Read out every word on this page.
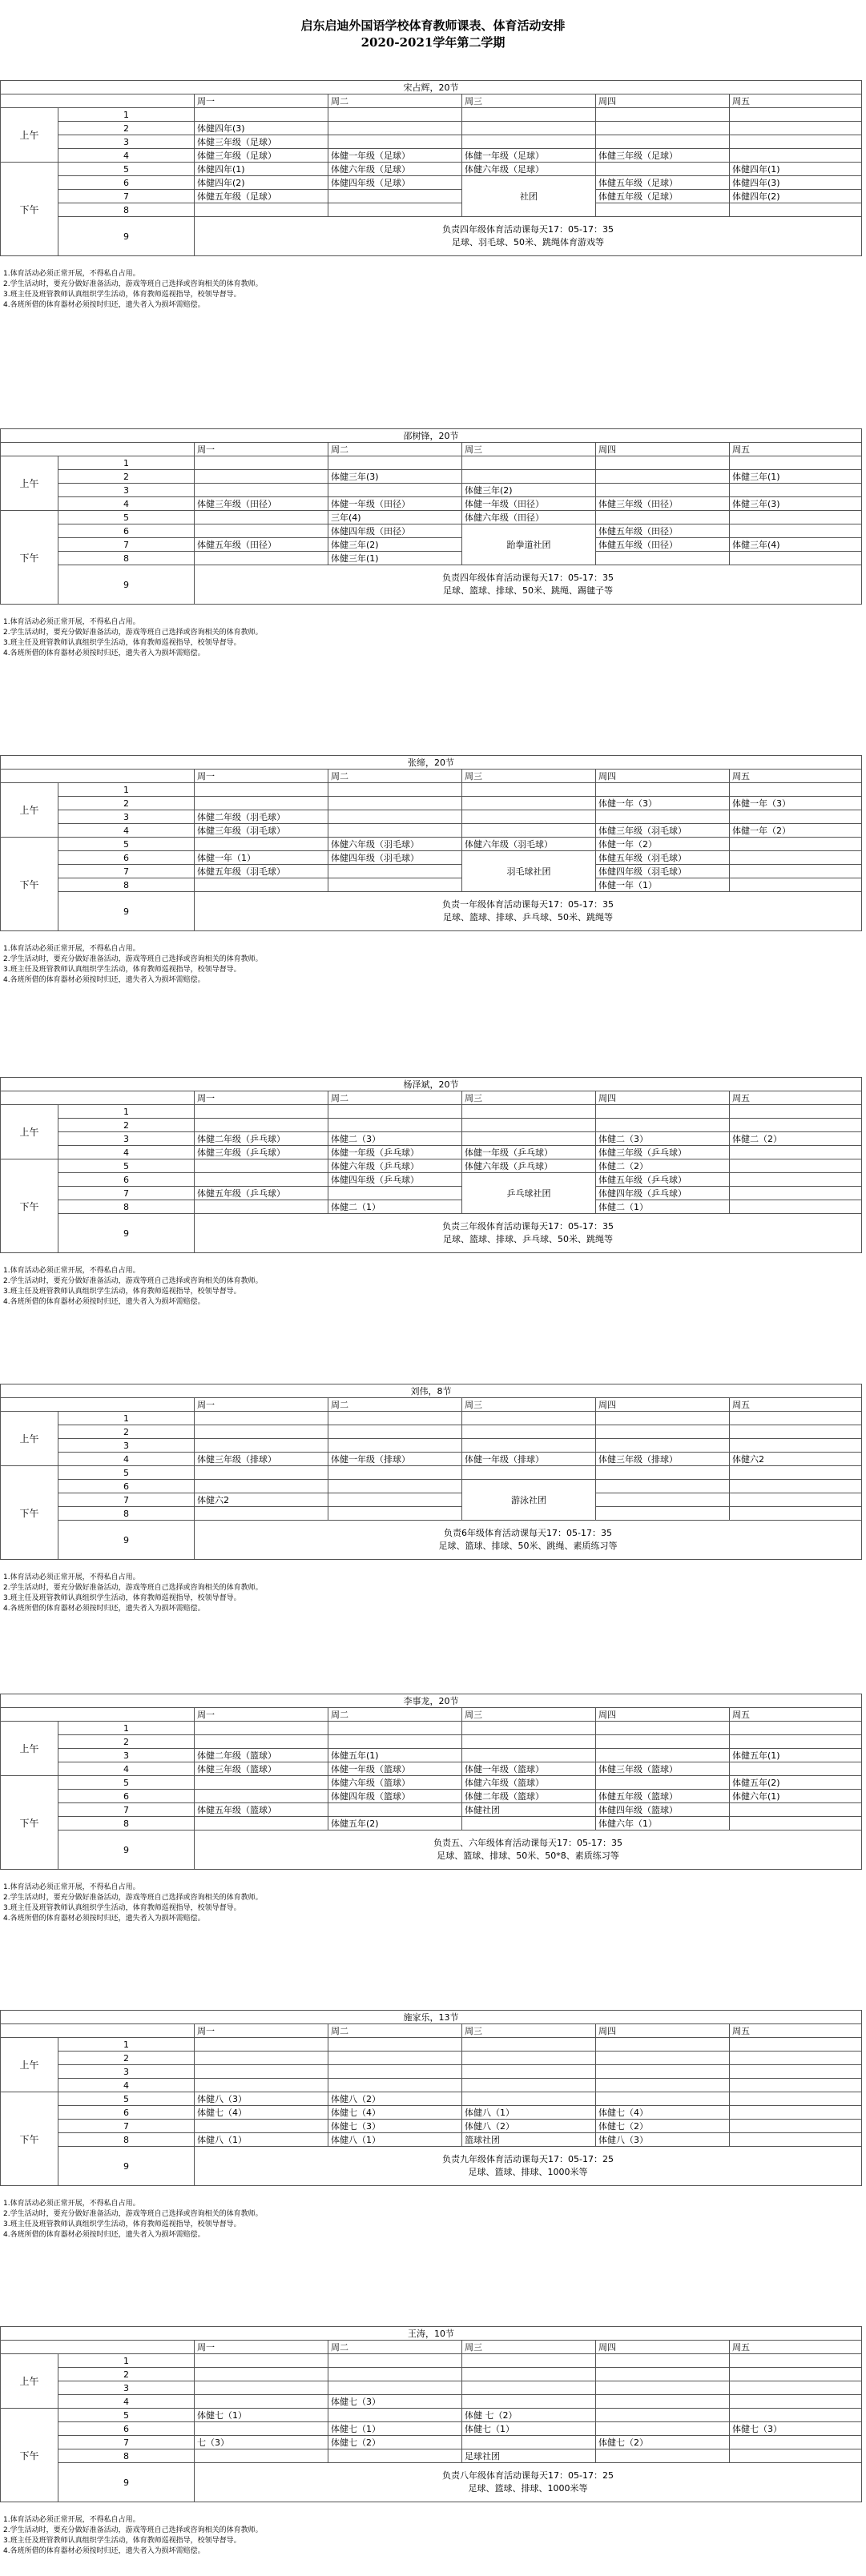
启东启迪外国语学校体育教师课表、体育活动安排
2020-2021学年第二学期
宋占辉，20节						
		周一	周二	周三	周四	周五
上午	1					
	2	体健四年(3)				
	3	体健三年级（足球）				
	4	体健三年级（足球）	体健一年级（足球）	体健一年级（足球）	体健三年级（足球）	
下午	5	体健四年(1)	体健六年级（足球）	体健六年级（足球）		体健四年(1)
	6	体健四年(2)	体健四年级（足球）	社团	体健五年级（足球）	体健四年(3)
	7	体健五年级（足球）			体健五年级（足球）	体健四年(2)
	8					
	9	负责四年级体育活动课每天17：05-17：35
足球、羽毛球、50米、跳绳体育游戏等				
1.体育活动必须正常开展，不得私自占用。
2.学生活动时，要充分做好准备活动，游戏等班自己选择或咨询相关的体育教师。
3.班主任及班管教师认真组织学生活动，体育教师巡视指导，校领导督导。
4.各班所借的体育器材必须按时归还，遗失者入为损坏需赔偿。
邵树锋，20节						
		周一	周二	周三	周四	周五
上午	1					
	2		体健三年(3)			体健三年(1)
	3			体健三年(2)		
	4	体健三年级（田径）	体健一年级（田径）	体健一年级（田径）	体健三年级（田径）	体健三年(3)
下午	5		三年(4)	体健六年级（田径）		
	6		体健四年级（田径）	跆拳道社团	体健五年级（田径）	
	7	体健五年级（田径）	体健三年(2)		体健五年级（田径）	体健三年(4)
	8		体健三年(1)			
	9	负责四年级体育活动课每天17：05-17：35
足球、篮球、排球、50米、跳绳、踢毽子等				
1.体育活动必须正常开展，不得私自占用。
2.学生活动时，要充分做好准备活动，游戏等班自己选择或咨询相关的体育教师。
3.班主任及班管教师认真组织学生活动，体育教师巡视指导，校领导督导。
4.各班所借的体育器材必须按时归还，遗失者入为损坏需赔偿。
张缔，20节						
		周一	周二	周三	周四	周五
上午	1					
	2				体健一年（3）	体健一年（3）
	3	体健二年级（羽毛球）				
	4	体健三年级（羽毛球）			体健三年级（羽毛球）	体健一年（2）
下午	5		体健六年级（羽毛球）	体健六年级（羽毛球）	体健一年（2）	
	6	体健一年（1）	体健四年级（羽毛球）	羽毛球社团	体健五年级（羽毛球）	
	7	体健五年级（羽毛球）			体健四年级（羽毛球）	
	8				体健一年（1）	
	9	负责一年级体育活动课每天17：05-17：35
足球、篮球、排球、乒乓球、50米、跳绳等				
1.体育活动必须正常开展，不得私自占用。
2.学生活动时，要充分做好准备活动，游戏等班自己选择或咨询相关的体育教师。
3.班主任及班管教师认真组织学生活动，体育教师巡视指导，校领导督导。
4.各班所借的体育器材必须按时归还，遗失者入为损坏需赔偿。
杨泽斌，20节						
		周一	周二	周三	周四	周五
上午	1					
	2					
	3	体健二年级（乒乓球）	体健二（3）		体健二（3）	体健二（2）
	4	体健三年级（乒乓球）	体健一年级（乒乓球）	体健一年级（乒乓球）	体健三年级（乒乓球）	
下午	5		体健六年级（乒乓球）	体健六年级（乒乓球）	体健二（2）	
	6		体健四年级（乒乓球）	乒乓球社团	体健五年级（乒乓球）	
	7	体健五年级（乒乓球）			体健四年级（乒乓球）	
	8		体健二（1）		体健二（1）	
	9	负责三年级体育活动课每天17：05-17：35
足球、篮球、排球、乒乓球、50米、跳绳等				
1.体育活动必须正常开展，不得私自占用。
2.学生活动时，要充分做好准备活动，游戏等班自己选择或咨询相关的体育教师。
3.班主任及班管教师认真组织学生活动，体育教师巡视指导，校领导督导。
4.各班所借的体育器材必须按时归还，遗失者入为损坏需赔偿。
刘伟，8节						
		周一	周二	周三	周四	周五
上午	1					
	2					
	3					
	4	体健三年级（排球）	体健一年级（排球）	体健一年级（排球）	体健三年级（排球）	体健六2
下午	5					
	6			游泳社团		
	7	体健六2				
	8					
	9	负责6年级体育活动课每天17：05-17：35
足球、篮球、排球、50米、跳绳、素质练习等				
1.体育活动必须正常开展，不得私自占用。
2.学生活动时，要充分做好准备活动，游戏等班自己选择或咨询相关的体育教师。
3.班主任及班管教师认真组织学生活动，体育教师巡视指导，校领导督导。
4.各班所借的体育器材必须按时归还，遗失者入为损坏需赔偿。
李事龙，20节						
		周一	周二	周三	周四	周五
上午	1					
	2					
	3	体健二年级（篮球）	体健五年(1)			体健五年(1)
	4	体健三年级（篮球）	体健一年级（篮球）	体健一年级（篮球）	体健三年级（篮球）	
下午	5		体健六年级（篮球）	体健六年级（篮球）		体健五年(2)
	6		体健四年级（篮球）	体健二年级（篮球）	体健五年级（篮球）	体健六年(1)
	7	体健五年级（篮球）		体健社团	体健四年级（篮球）	
	8		体健五年(2)		体健六年（1）	
	9	负责五、六年级体育活动课每天17：05-17：35
足球、篮球、排球、50米、50*8、素质练习等				
1.体育活动必须正常开展，不得私自占用。
2.学生活动时，要充分做好准备活动，游戏等班自己选择或咨询相关的体育教师。
3.班主任及班管教师认真组织学生活动，体育教师巡视指导，校领导督导。
4.各班所借的体育器材必须按时归还，遗失者入为损坏需赔偿。
施家乐，13节						
		周一	周二	周三	周四	周五
上午	1					
	2					
	3					
	4					
下午	5	体健八（3）	体健八（2）			
	6	体健七（4）	体健七（4）	体健八（1）	体健七（4）	
	7		体健七（3）	体健八（2）	体健七（2）	
	8	体健八（1）	体健八（1）	篮球社团	体健八（3）	
	9	负责九年级体育活动课每天17：05-17：25
足球、篮球、排球、1000米等				
1.体育活动必须正常开展，不得私自占用。
2.学生活动时，要充分做好准备活动，游戏等班自己选择或咨询相关的体育教师。
3.班主任及班管教师认真组织学生活动，体育教师巡视指导，校领导督导。
4.各班所借的体育器材必须按时归还，遗失者入为损坏需赔偿。
王涛，10节						
		周一	周二	周三	周四	周五
上午	1					
	2					
	3					
	4		体健七（3）			
下午	5	体健七（1）		体健 七（2）		
	6		体健七（1）	体健七（1）		体健七（3）
	7	七（3）	体健七（2）		体健七（2）	
	8			足球社团		
	9	负责八年级体育活动课每天17：05-17：25
足球、篮球、排球、1000米等				
1.体育活动必须正常开展，不得私自占用。
2.学生活动时，要充分做好准备活动，游戏等班自己选择或咨询相关的体育教师。
3.班主任及班管教师认真组织学生活动，体育教师巡视指导，校领导督导。
4.各班所借的体育器材必须按时归还，遗失者入为损坏需赔偿。
